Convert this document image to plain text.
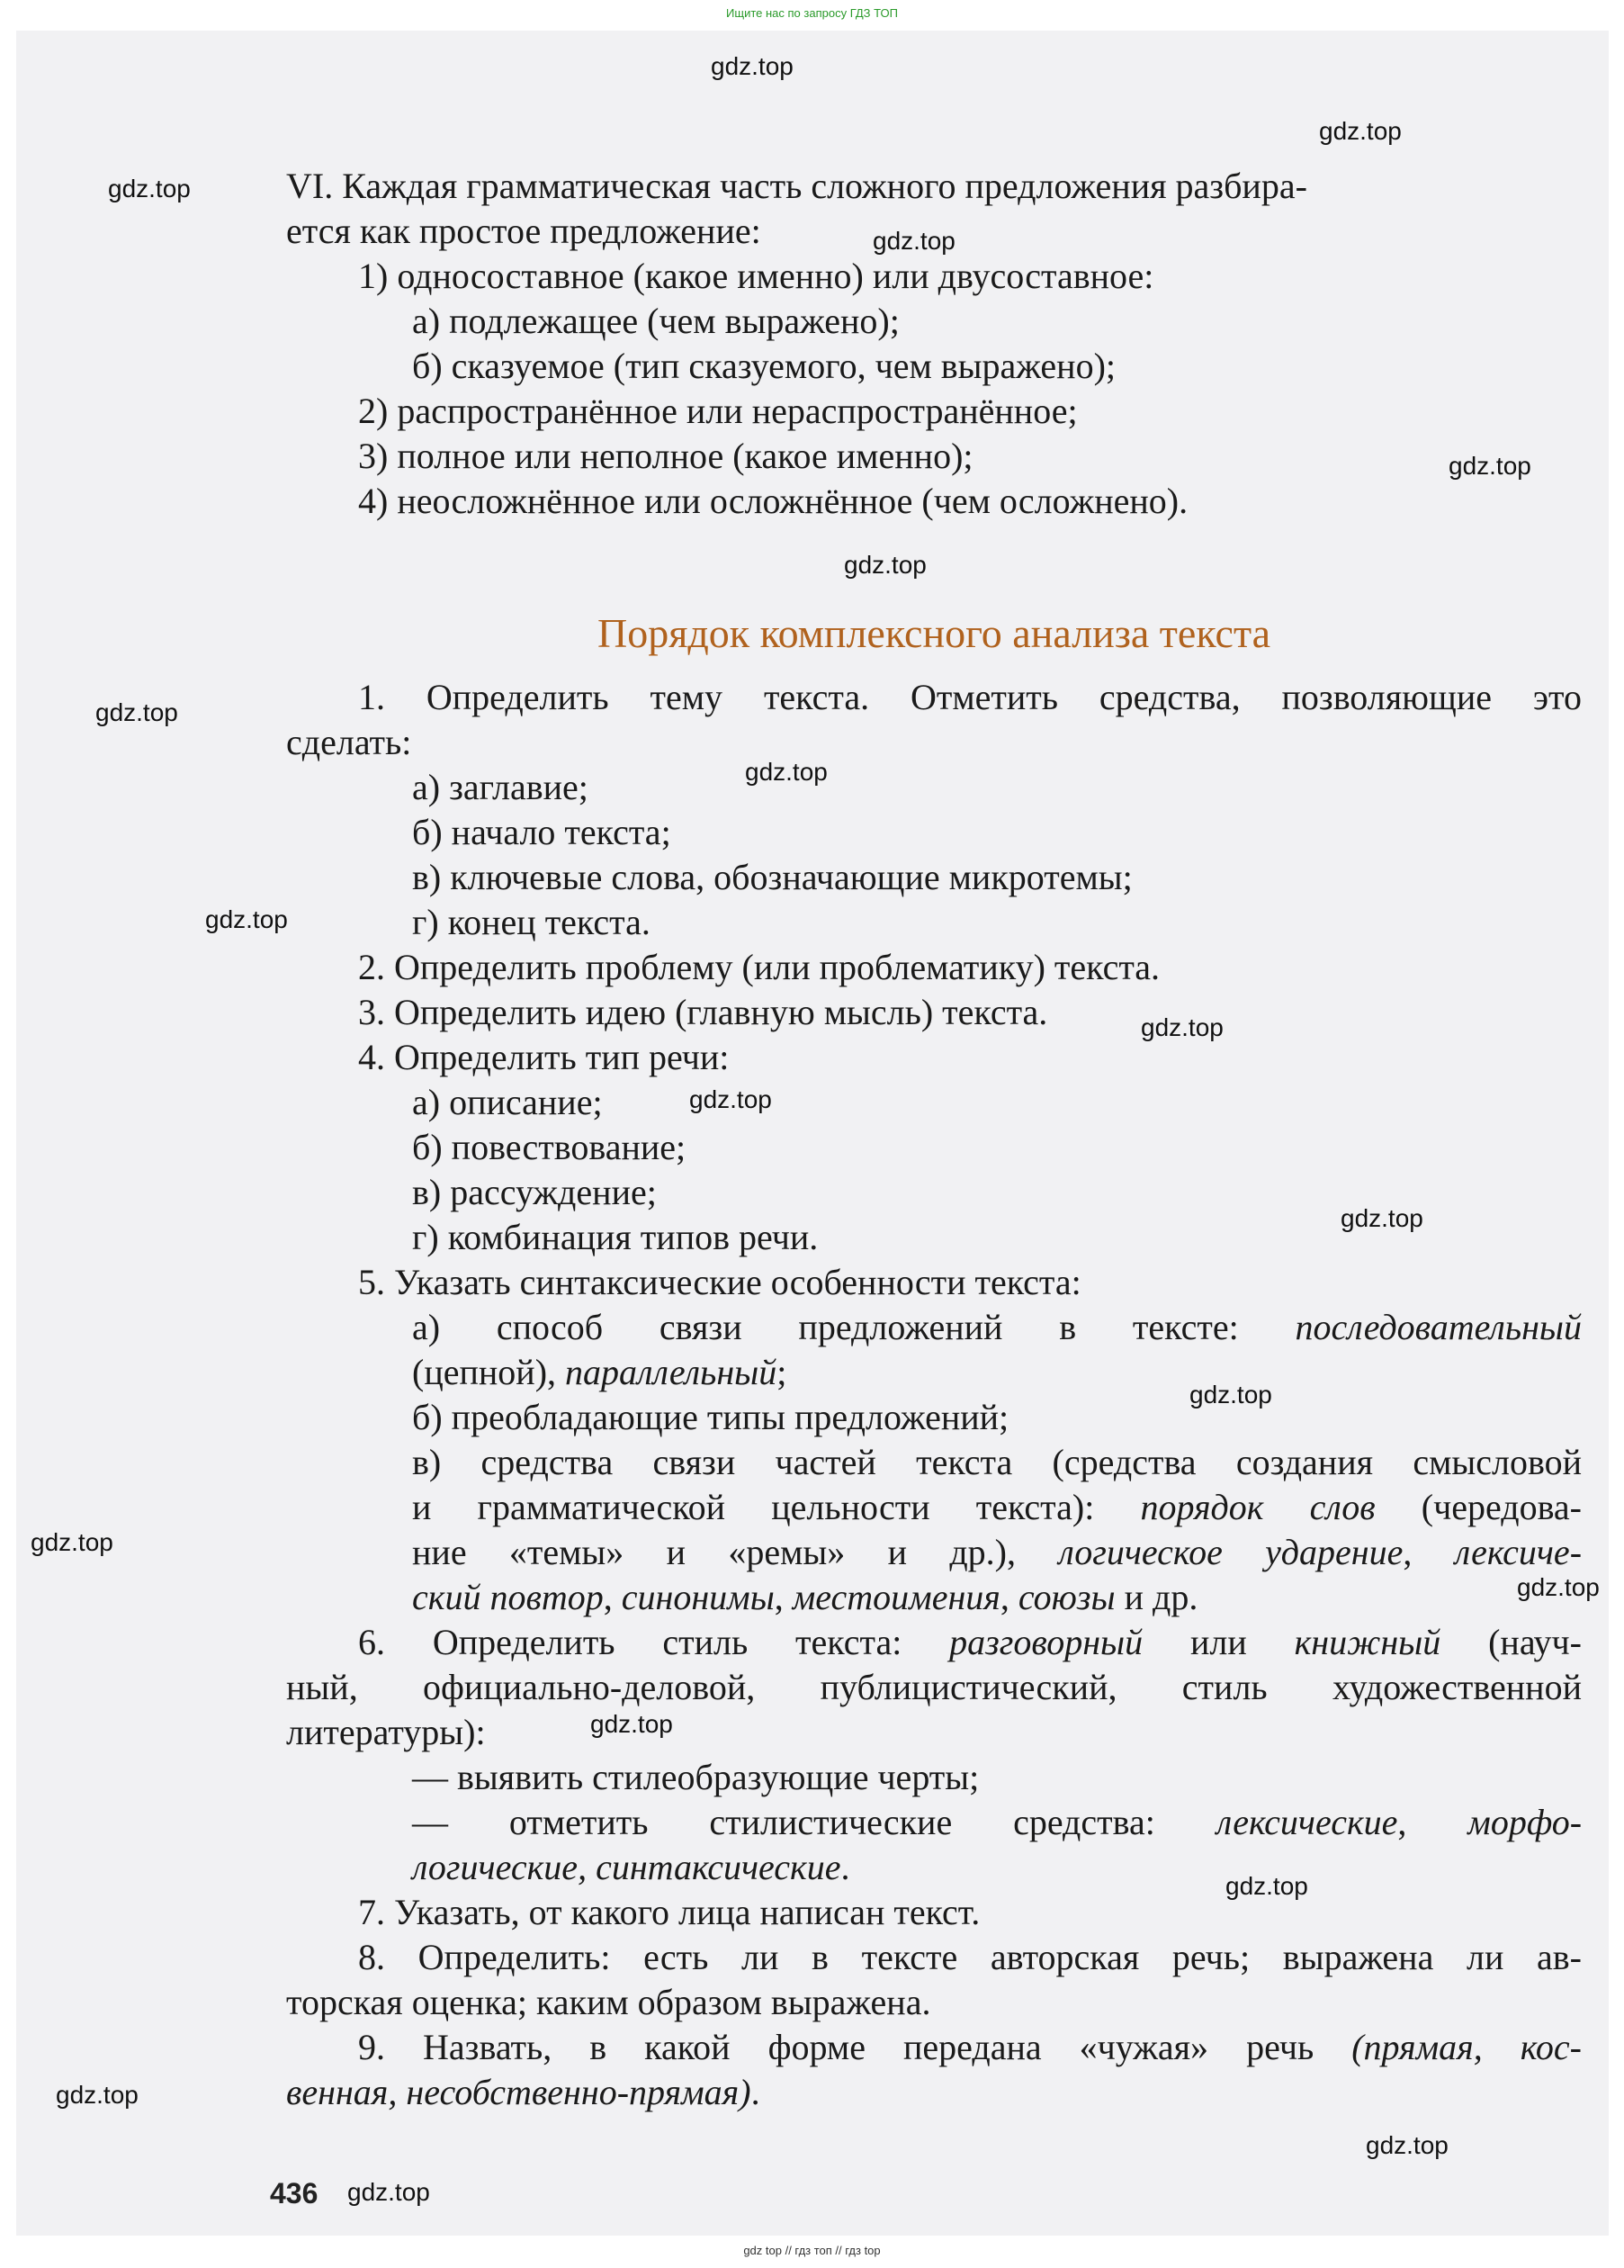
Ищите нас по запросу ГДЗ ТОП
VI. Каждая грамматическая часть сложного предложения разбира-
ется как простое предложение:
1) односоставное (какое именно) или двусоставное:
а) подлежащее (чем выражено);
б) сказуемое (тип сказуемого, чем выражено);
2) распространённое или нераспространённое;
3) полное или неполное (какое именно);
4) неосложнённое или осложнённое (чем осложнено).
Порядок комплексного анализа текста
1. Определить тему текста. Отметить средства, позволяющие это
сделать:
а) заглавие;
б) начало текста;
в) ключевые слова, обозначающие микротемы;
г) конец текста.
2. Определить проблему (или проблематику) текста.
3. Определить идею (главную мысль) текста.
4. Определить тип речи:
а) описание;
б) повествование;
в) рассуждение;
г) комбинация типов речи.
5. Указать синтаксические особенности текста:
а) способ связи предложений в тексте: последовательный
(цепной), параллельный;
б) преобладающие типы предложений;
в) средства связи частей текста (средства создания смысловой
и грамматической цельности текста): порядок слов (чередова-
ние «темы» и «ремы» и др.), логическое ударение, лексиче-
ский повтор, синонимы, местоимения, союзы и др.
6. Определить стиль текста: разговорный или книжный (науч-
ный, официально-деловой, публицистический, стиль художественной
литературы):
— выявить стилеобразующие черты;
— отметить стилистические средства: лексические, морфо-
логические, синтаксические.
7. Указать, от какого лица написан текст.
8. Определить: есть ли в тексте авторская речь; выражена ли ав-
торская оценка; каким образом выражена.
9. Назвать, в какой форме передана «чужая» речь (прямая, кос-
венная, несобственно-прямая).
436
gdz.top
gdz.top
gdz.top
gdz.top
gdz.top
gdz.top
gdz.top
gdz.top
gdz.top
gdz.top
gdz.top
gdz.top
gdz.top
gdz.top
gdz.top
gdz.top
gdz.top
gdz.top
gdz.top
gdz.top
gdz top // гдз топ // гдз top
